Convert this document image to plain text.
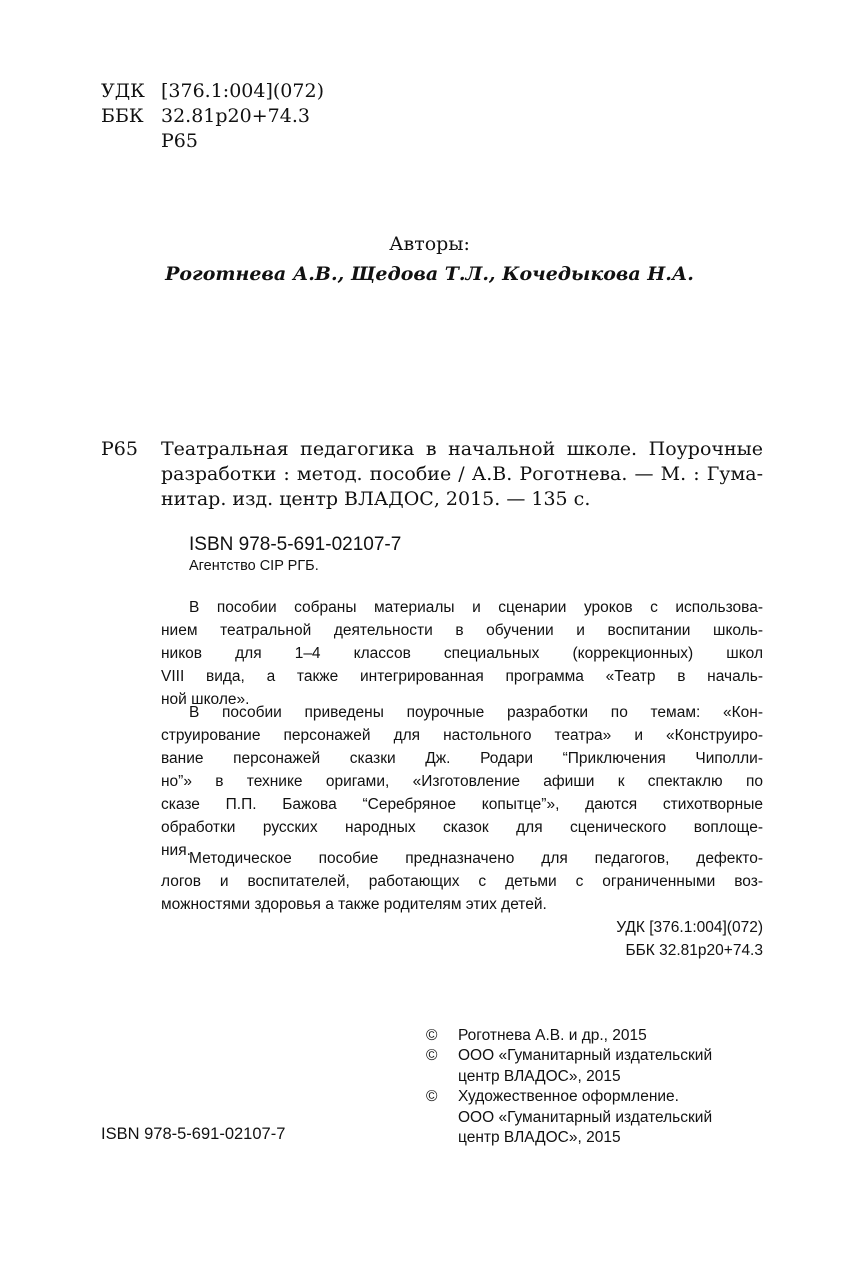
УДК [376.1:004](072)
ББК 32.81р20+74.3
Р65
Авторы:
Роготнева А.В., Щедова Т.Л., Кочедыкова Н.А.
Р65 Театральная педагогика в начальной школе. Поурочные
разработки : метод. пособие / А.В. Роготнева. — М. : Гума-
нитар. изд. центр ВЛАДОС, 2015. — 135 с.
ISBN 978-5-691-02107-7
Агентство CIP РГБ.
В пособии собраны материалы и сценарии уроков с использова-
нием театральной деятельности в обучении и воспитании школь-
ников для 1–4 классов специальных (коррекционных) школ
VIII вида, а также интегрированная программа «Театр в началь-
ной школе».
В пособии приведены поурочные разработки по темам: «Кон-
струирование персонажей для настольного театра» и «Конструиро-
вание персонажей сказки Дж. Родари “Приключения Чиполли-
но”» в технике оригами, «Изготовление афиши к спектаклю по
сказе П.П. Бажова “Серебряное копытце”», даются стихотворные
обработки русских народных сказок для сценического воплоще-
ния.
Методическое пособие предназначено для педагогов, дефекто-
логов и воспитателей, работающих с детьми с ограниченными воз-
можностями здоровья а также родителям этих детей.
УДК [376.1:004](072)
ББК 32.81р20+74.3
© Роготнева А.В. и др., 2015
© ООО «Гуманитарный издательский
центр ВЛАДОС», 2015
© Художественное оформление.
ООО «Гуманитарный издательский
центр ВЛАДОС», 2015
ISBN 978-5-691-02107-7
